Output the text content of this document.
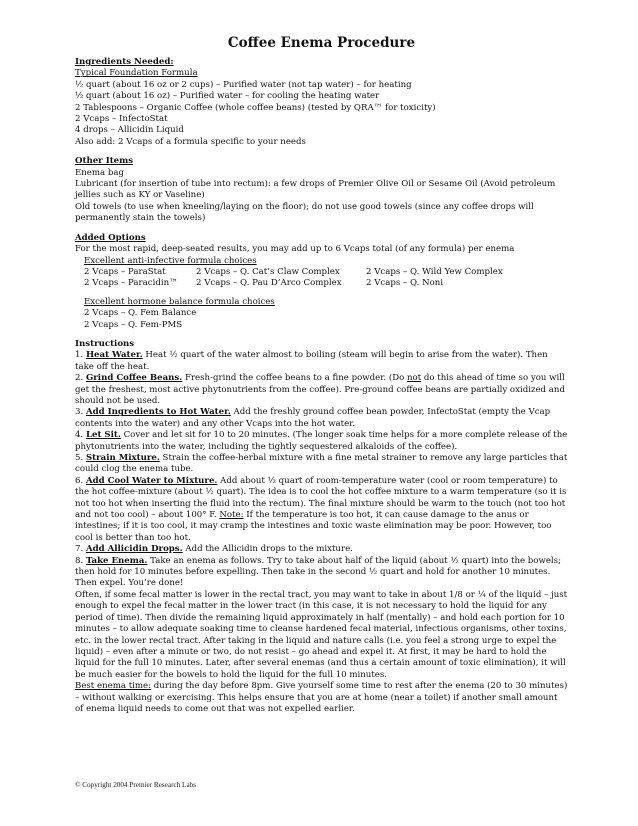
Coffee Enema Procedure
Ingredients Needed:
Typical Foundation Formula
½ quart (about 16 oz or 2 cups) – Purified water (not tap water) – for heating
½ quart (about 16 oz) – Purified water – for cooling the heating water
2 Tablespoons – Organic Coffee (whole coffee beans) (tested by QRA™ for toxicity)
2 Vcaps – InfectoStat
4 drops – Allicidin Liquid
Also add: 2 Vcaps of a formula specific to your needs
Other Items
Enema bag
Lubricant (for insertion of tube into rectum): a few drops of Premier Olive Oil or Sesame Oil (Avoid petroleum jellies such as KY or Vaseline)
Old towels (to use when kneeling/laying on the floor); do not use good towels (since any coffee drops will permanently stain the towels)
Added Options
For the most rapid, deep-seated results, you may add up to 6 Vcaps total (of any formula) per enema
Excellent anti-infective formula choices
2 Vcaps – ParaStat	2 Vcaps – Q. Cat’s Claw Complex	2 Vcaps – Q. Wild Yew Complex
2 Vcaps – Paracidin™	2 Vcaps – Q. Pau D’Arco Complex	2 Vcaps – Q. Noni
Excellent hormone balance formula choices
2 Vcaps – Q. Fem Balance
2 Vcaps – Q. Fem-PMS
Instructions
1. Heat Water. Heat ½ quart of the water almost to boiling (steam will begin to arise from the water). Then take off the heat.
2. Grind Coffee Beans. Fresh-grind the coffee beans to a fine powder. (Do not do this ahead of time so you will get the freshest, most active phytonutrients from the coffee). Pre-ground coffee beans are partially oxidized and should not be used.
3. Add Ingredients to Hot Water. Add the freshly ground coffee bean powder, InfectoStat (empty the Vcap contents into the water) and any other Vcaps into the hot water.
4. Let Sit. Cover and let sit for 10 to 20 minutes. (The longer soak time helps for a more complete release of the phytonutrients into the water, including the tightly sequestered alkaloids of the coffee).
5. Strain Mixture. Strain the coffee-herbal mixture with a fine metal strainer to remove any large particles that could clog the enema tube.
6. Add Cool Water to Mixture. Add about ½ quart of room-temperature water (cool or room temperature) to the hot coffee-mixture (about ½ quart). The idea is to cool the hot coffee mixture to a warm temperature (so it is not too hot when inserting the fluid into the rectum). The final mixture should be warm to the touch (not too hot and not too cool) – about 100° F. Note: If the temperature is too hot, it can cause damage to the anus or intestines; if it is too cool, it may cramp the intestines and toxic waste elimination may be poor. However, too cool is better than too hot.
7. Add Allicidin Drops. Add the Allicidin drops to the mixture.
8. Take Enema. Take an enema as follows. Try to take about half of the liquid (about ½ quart) into the bowels; then hold for 10 minutes before expelling. Then take in the second ½ quart and hold for another 10 minutes. Then expel. You’re done!
Often, if some fecal matter is lower in the rectal tract, you may want to take in about 1/8 or ¼ of the liquid – just enough to expel the fecal matter in the lower tract (in this case, it is not necessary to hold the liquid for any period of time). Then divide the remaining liquid approximately in half (mentally) – and hold each portion for 10 minutes – to allow adequate soaking time to cleanse hardened fecal material, infectious organisms, other toxins, etc. in the lower rectal tract. After taking in the liquid and nature calls (i.e. you feel a strong urge to expel the liquid) – even after a minute or two, do not resist – go ahead and expel it. At first, it may be hard to hold the liquid for the full 10 minutes. Later, after several enemas (and thus a certain amount of toxic elimination), it will be much easier for the bowels to hold the liquid for the full 10 minutes.
Best enema time: during the day before 8pm. Give yourself some time to rest after the enema (20 to 30 minutes) – without walking or exercising. This helps ensure that you are at home (near a toilet) if another small amount of enema liquid needs to come out that was not expelled earlier.
© Copyright 2004 Premier Research Labs
